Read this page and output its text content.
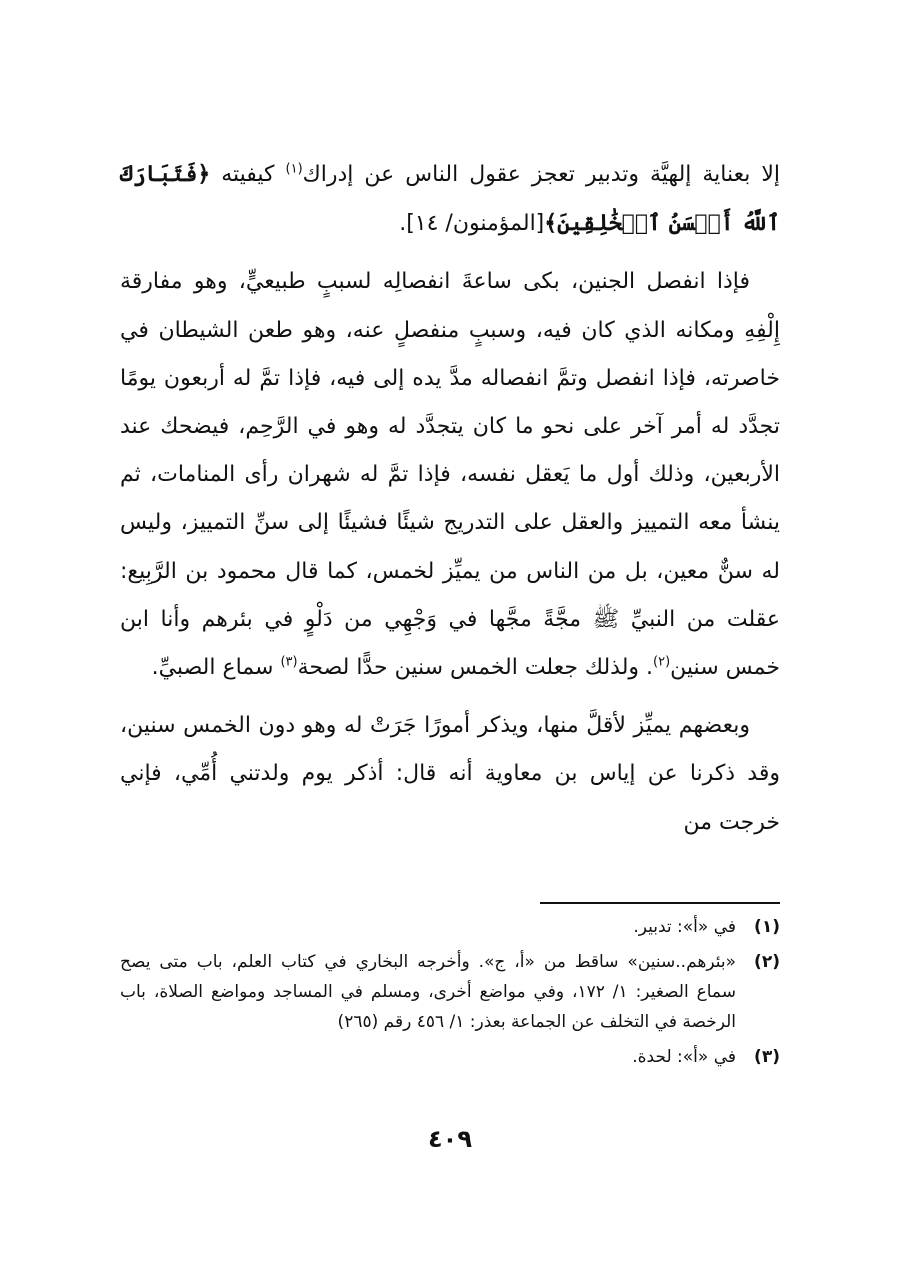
إلا بعناية إلهيَّة وتدبير تعجز عقول الناس عن إدراك$^{(١)}$ كيفيته ﴿فَتَبَارَكَ ٱللَّهُ أَحۡسَنُ ٱلۡخَٰلِقِينَ﴾[المؤمنون/ ١٤].

فإذا انفصل الجنين، بكى ساعةَ انفصالِه لسببٍ طبيعيٍّ، وهو مفارقة إِلْفِهِ ومكانه الذي كان فيه، وسببٍ منفصلٍ عنه، وهو طعن الشيطان في خاصرته، فإذا انفصل وتمَّ انفصاله مدَّ يده إلى فيه، فإذا تمَّ له أربعون يومًا تجدَّد له أمر آخر على نحو ما كان يتجدَّد له وهو في الرَّحِم، فيضحك عند الأربعين، وذلك أول ما يَعقل نفسه، فإذا تمَّ له شهران رأى المنامات، ثم ينشأ معه التمييز والعقل على التدريج شيئًا فشيئًا إلى سنِّ التمييز، وليس له سنٌّ معين، بل من الناس من يميِّز لخمس، كما قال محمود بن الرَّبِيع: عقلت من النبيِّ ﷺ مجَّةً مجَّها في وَجْهِي من دَلْوٍ في بئرهم وأنا ابن خمس سنين$^{(٢)}$. ولذلك جعلت الخمس سنين حدًّا لصحة$^{(٣)}$ سماع الصبيِّ.

وبعضهم يميِّز لأقلَّ منها، ويذكر أمورًا جَرَتْ له وهو دون الخمس سنين، وقد ذكرنا عن إياس بن معاوية أنه قال: أذكر يوم ولدتني أُمِّي، فإني خرجت من

(١)
في «أ»: تدبير.
(٢)
«بئرهم..سنين» ساقط من «أ، ج». وأخرجه البخاري في كتاب العلم، باب متى يصح سماع الصغير: ١/ ١٧٢، وفي مواضع أخرى، ومسلم في المساجد ومواضع الصلاة، باب الرخصة في التخلف عن الجماعة بعذر: ١/ ٤٥٦ رقم (٢٦٥)
(٣)
في «أ»: لحدة.
٤٠٩
